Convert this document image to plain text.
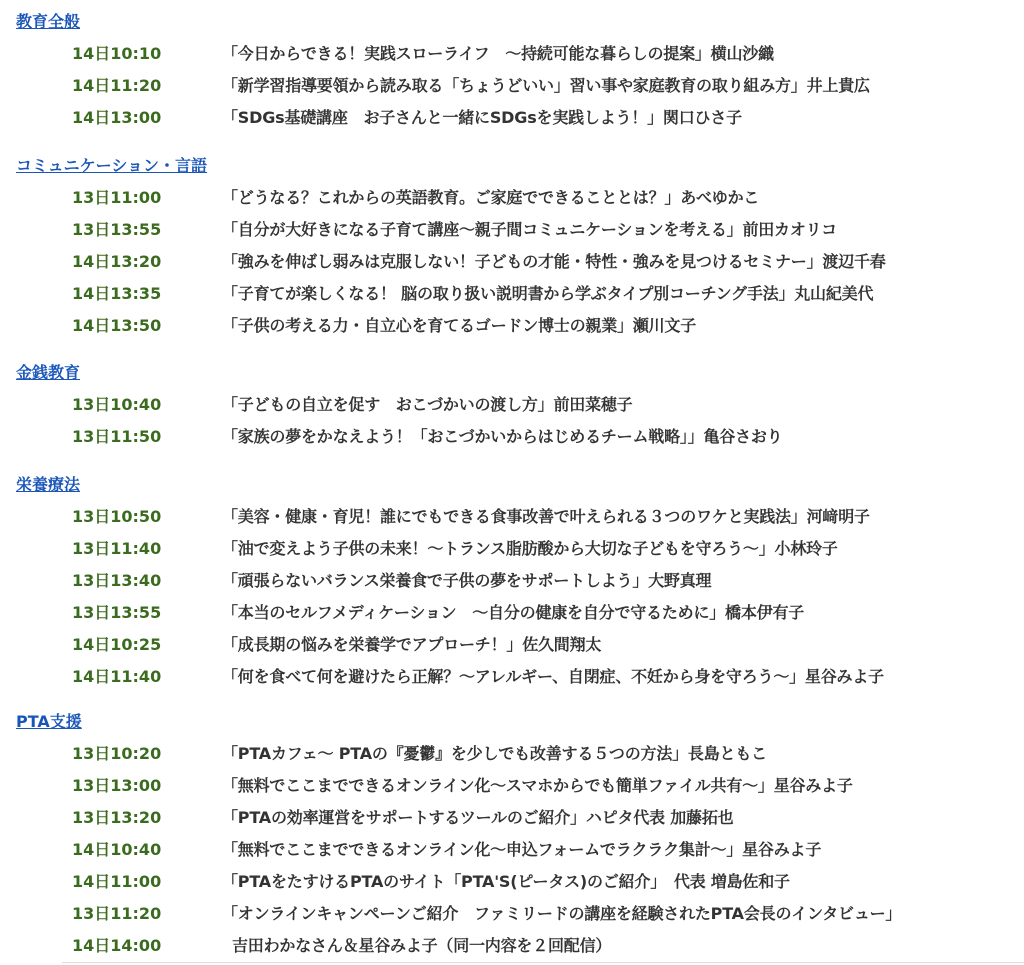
教育全般
14日10:10	「今日からできる！実践スローライフ　～持続可能な暮らしの提案」横山沙織
14日11:20	「新学習指導要領から読み取る「ちょうどいい」習い事や家庭教育の取り組み方」井上貴広
14日13:00	「SDGs基礎講座　お子さんと一緒にSDGsを実践しよう！」関口ひさ子
コミュニケーション・言語
13日11:00	「どうなる？これからの英語教育。ご家庭でできることとは？」あべゆかこ
13日13:55	「自分が大好きになる子育て講座～親子間コミュニケーションを考える」前田カオリコ
14日13:20	「強みを伸ばし弱みは克服しない！子どもの才能・特性・強みを見つけるセミナー」渡辺千春
14日13:35	「子育てが楽しくなる！ 脳の取り扱い説明書から学ぶタイプ別コーチング手法」丸山紀美代
14日13:50	「子供の考える力・自立心を育てるゴードン博士の親業」瀬川文子
金銭教育
13日10:40	「子どもの自立を促す　おこづかいの渡し方」前田菜穂子
13日11:50	「家族の夢をかなえよう！「おこづかいからはじめるチーム戦略」」亀谷さおり
栄養療法
13日10:50	「美容・健康・育児！誰にでもできる食事改善で叶えられる３つのワケと実践法」河﨑明子
13日11:40	「油で変えよう子供の未来！～トランス脂肪酸から大切な子どもを守ろう～」小林玲子
13日13:40	「頑張らないバランス栄養食で子供の夢をサポートしよう」大野真理
13日13:55	「本当のセルフメディケーション　～自分の健康を自分で守るために」橋本伊有子
14日10:25	「成長期の悩みを栄養学でアプローチ！」佐久間翔太
14日11:40	「何を食べて何を避けたら正解？～アレルギー、自閉症、不妊から身を守ろう～」星谷みよ子
PTA支援
13日10:20	「PTAカフェ～ PTAの『憂鬱』を少しでも改善する５つの方法」長島ともこ
13日13:00	「無料でここまでできるオンライン化～スマホからでも簡単ファイル共有～」星谷みよ子
13日13:20	「PTAの効率運営をサポートするツールのご紹介」ハピタ代表 加藤拓也
14日10:40	「無料でここまでできるオンライン化～申込フォームでラクラク集計～」星谷みよ子
14日11:00	「PTAをたすけるPTAのサイト「PTA'S(ピータス)のご紹介」　代表 増島佐和子
13日11:20	「オンラインキャンペーンご紹介　ファミリードの講座を経験されたPTA会長のインタビュー」
14日14:00	吉田わかなさん＆星谷みよ子（同一内容を２回配信）
